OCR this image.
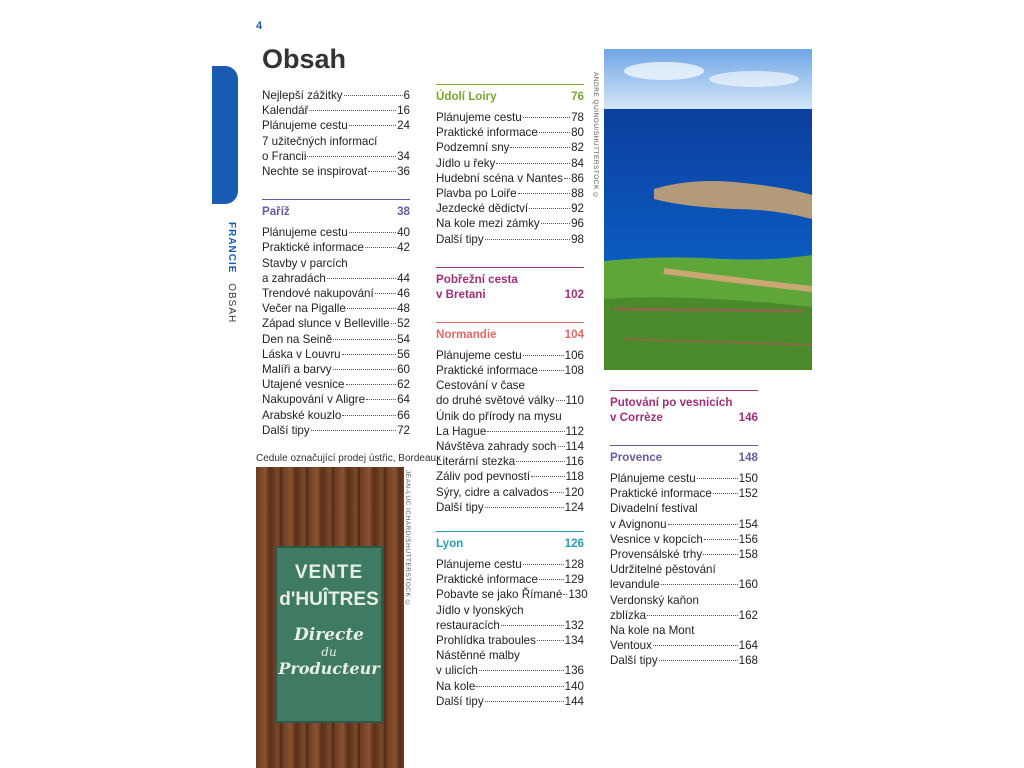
4
FRANCIE OBSAH
Obsah
Nejlepší zážitky	6
Kalendář	16
Plánujeme cestu	24
7 užitečných informací
o Francii	34
Nechte se inspirovat	36
Paříž	38
Plánujeme cestu	40
Praktické informace	42
Stavby v parcích
a zahradách	44
Trendové nakupování 46
Večer na Pigalle	48
Západ slunce v Belleville 52
Den na Seině	54
Láska v Louvru	56
Malíři a barvy	60
Utajené vesnice	62
Nakupování v Aligre	64
Arabské kouzlo	66
Další tipy	72
Údolí Loiry	76
Plánujeme cestu	78
Praktické informace	80
Podzemní sny	82
Jídlo u řeky	84
Hudební scéna v Nantes 86
Plavba po Loiře	88
Jezdecké dědictví	92
Na kole mezi zámky	96
Další tipy	98
Pobřežní cesta
v Bretani	102
Normandie	104
Plánujeme cestu	106
Praktické informace 108
Cestování v čase
do druhé světové války 110
Únik do přírody na mysu
La Hague	112
Návštěva zahrady soch 114
Literární stezka	116
Záliv pod pevností	118
Sýry, cidre a calvados 120
Další tipy	124
Lyon	126
Plánujeme cestu	128
Praktické informace 129
Pobavte se jako Římané 130
Jídlo v lyonských
restauracích	132
Prohlídka traboules 134
Nástěnné malby
v ulicích	136
Na kole	140
Další tipy	144
Putování po vesnicích
v Corrèze	146
Provence	148
Plánujeme cestu	150
Praktické informace 152
Divadelní festival
v Avignonu	154
Vesnice v kopcích	156
Provensálské trhy	158
Udržitelné pěstování
levandule	160
Verdonský kaňon
zblízka	162
Na kole na Mont
Ventoux	164
Další tipy	168
ANDRE QUINOU/SHUTTERSTOCK ©
Cedule označující prodej ústřic, Bordeaux
VENTE
d'HUÎTRES
Directe
du
Producteur
JEAN-LUC ICHARD/SHUTTERSTOCK ©
